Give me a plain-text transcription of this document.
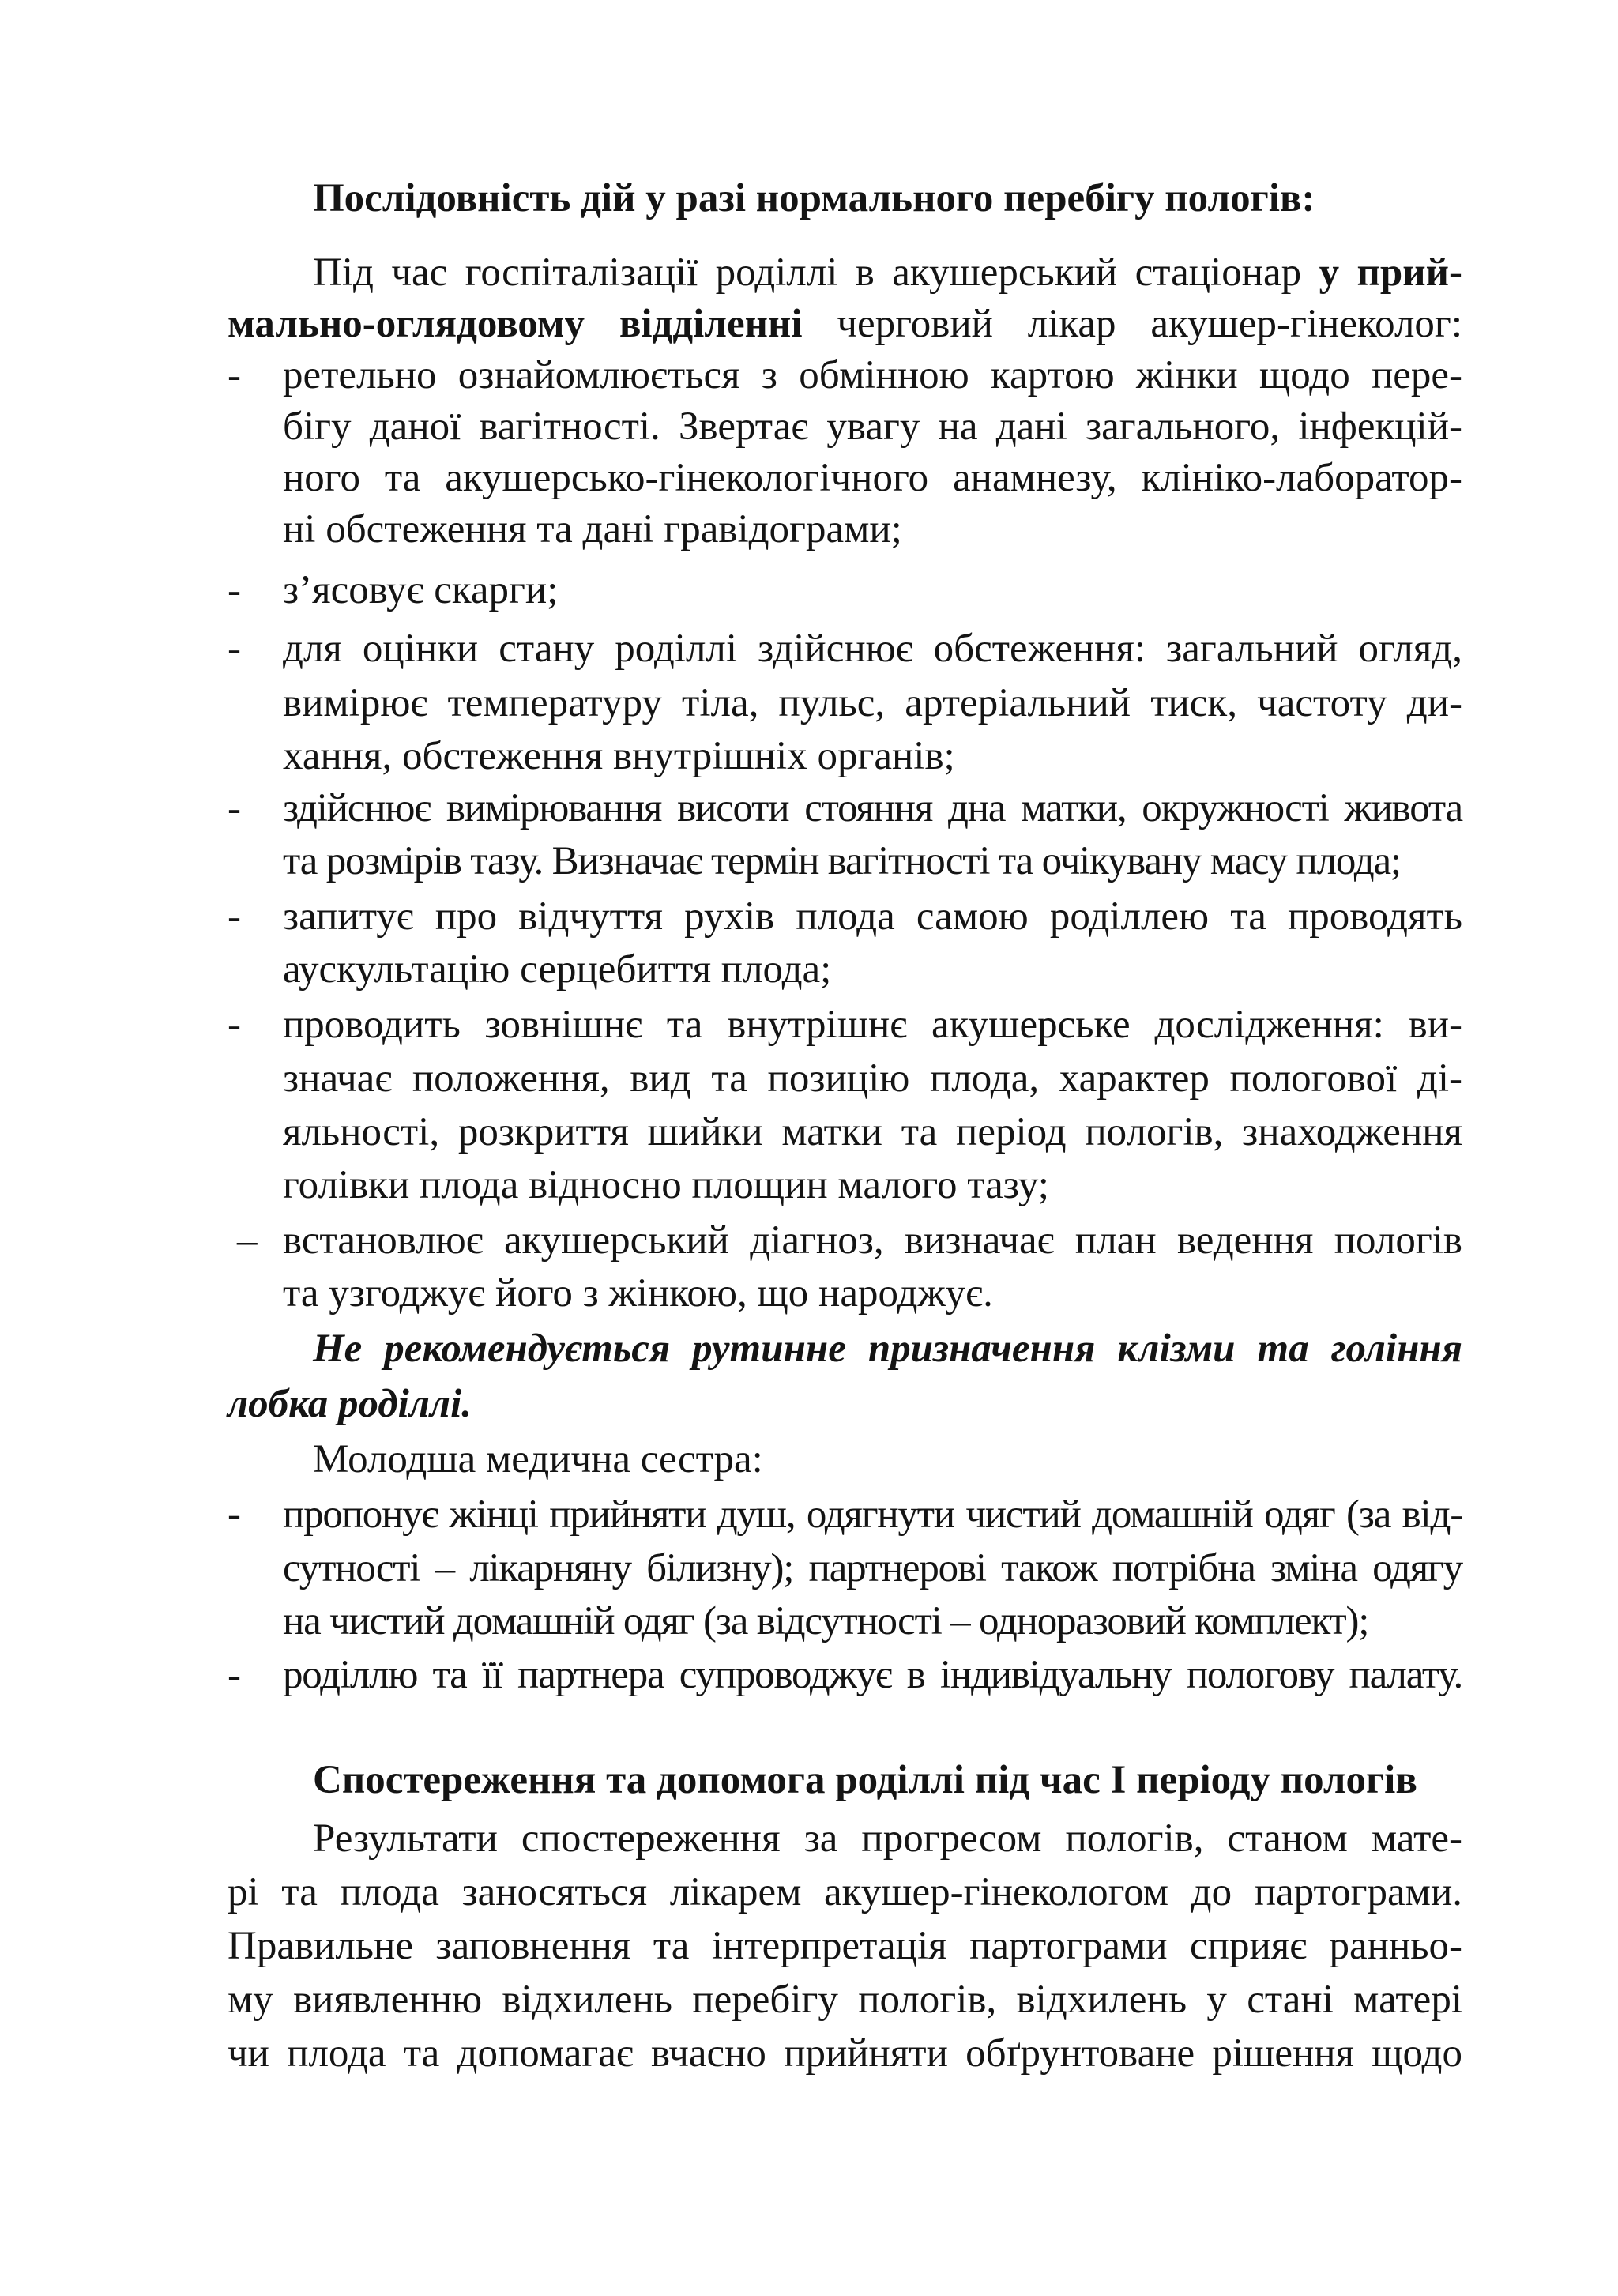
Послідовність дій у разі нормального перебігу пологів:
Під час госпіталізації роділлі в акушерський стаціонар у прий-
мально-оглядовому відділенні черговий лікар акушер-гінеколог:
-	ретельно ознайомлюється з обмінною картою жінки щодо пере-
бігу даної вагітності. Звертає увагу на дані загального, інфекцій-
ного та акушерсько-гінекологічного анамнезу, клініко-лаборатор-
ні обстеження та дані гравідограми;
-	з’ясовує скарги;
-	для оцінки стану роділлі здійснює обстеження: загальний огляд,
вимірює температуру тіла, пульс, артеріальний тиск, частоту ди-
хання, обстеження внутрішніх органів;
-	здійснює вимірювання висоти стояння дна матки, окружності живота
та розмірів тазу. Визначає термін вагітності та очікувану масу плода;
-	запитує про відчуття рухів плода самою роділлею та проводять
аускультацію серцебиття плода;
-	проводить зовнішнє та внутрішнє акушерське дослідження: ви-
значає положення, вид та позицію плода, характер пологової ді-
яльності, розкриття шийки матки та період пологів, знаходження
голівки плода відносно площин малого тазу;
– встановлює акушерський діагноз, визначає план ведення пологів
та узгоджує його з жінкою, що народжує.
Не рекомендується рутинне призначення клізми та гоління
лобка роділлі.
Молодша медична сестра:
-	пропонує жінці прийняти душ, одягнути чистий домашній одяг (за від-
сутності – лікарняну білизну); партнерові також потрібна зміна одягу
на чистий домашній одяг (за відсутності – одноразовий комплект);
-	роділлю та її партнера супроводжує в індивідуальну пологову палату.
Спостереження та допомога роділлі під час І періоду пологів
Результати спостереження за прогресом пологів, станом мате-
рі та плода заносяться лікарем акушер-гінекологом до партограми.
Правильне заповнення та інтерпретація партограми сприяє ранньо-
му виявленню відхилень перебігу пологів, відхилень у стані матері
чи плода та допомагає вчасно прийняти обґрунтоване рішення щодо
